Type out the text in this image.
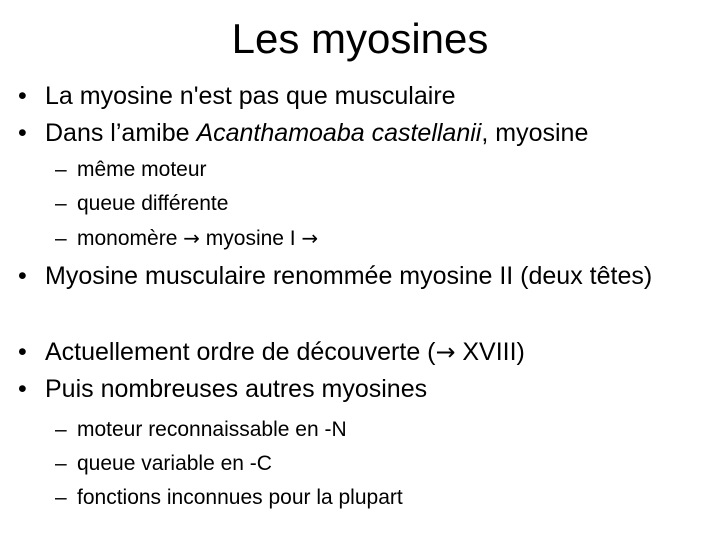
Les myosines
• La myosine n'est pas que musculaire
• Dans l’amibe Acanthamoaba castellanii, myosine
– même moteur
– queue différente
– monomère → myosine I →
• Myosine musculaire renommée myosine II (deux têtes)
• Actuellement ordre de découverte (→ XVIII)
• Puis nombreuses autres myosines
– moteur reconnaissable en -N
– queue variable en -C
– fonctions inconnues pour la plupart
